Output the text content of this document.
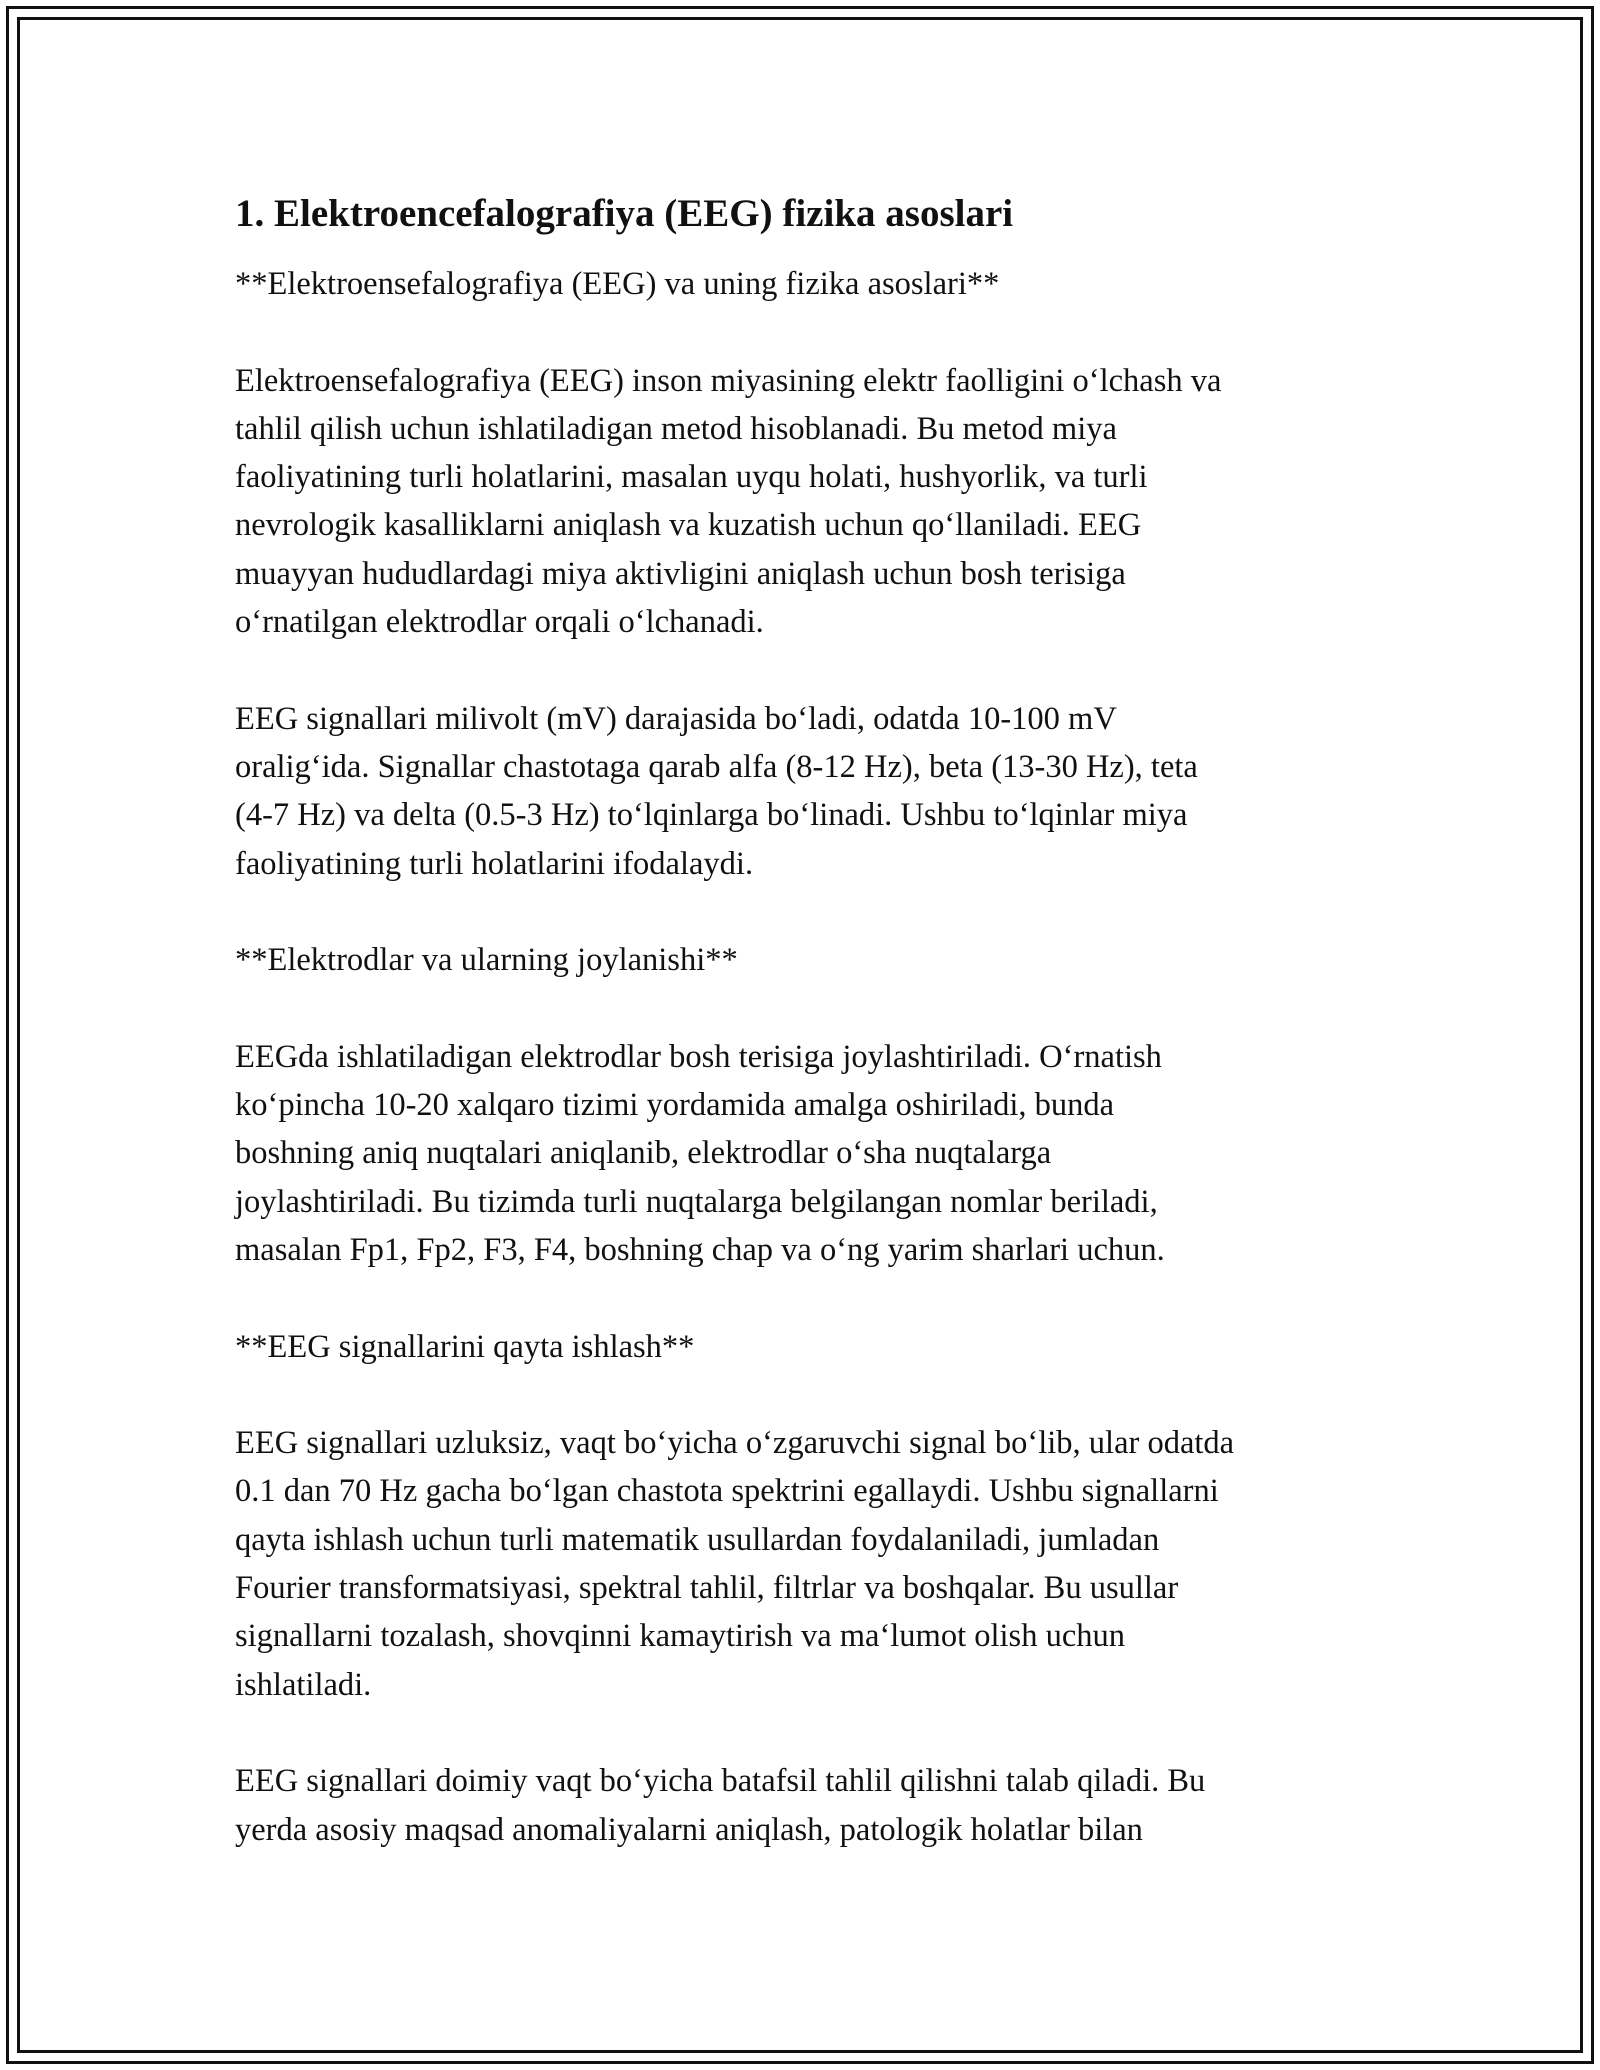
1. Elektroencefalografiya (EEG) fizika asoslari
**Elektroensefalografiya (EEG) va uning fizika asoslari**
Elektroensefalografiya (EEG) inson miyasining elektr faolligini oʻlchash va
tahlil qilish uchun ishlatiladigan metod hisoblanadi. Bu metod miya
faoliyatining turli holatlarini, masalan uyqu holati, hushyorlik, va turli
nevrologik kasalliklarni aniqlash va kuzatish uchun qoʻllaniladi. EEG
muayyan hududlardagi miya aktivligini aniqlash uchun bosh terisiga
oʻrnatilgan elektrodlar orqali oʻlchanadi.
EEG signallari milivolt (mV) darajasida boʻladi, odatda 10-100 mV
oraligʻida. Signallar chastotaga qarab alfa (8-12 Hz), beta (13-30 Hz), teta
(4-7 Hz) va delta (0.5-3 Hz) toʻlqinlarga boʻlinadi. Ushbu toʻlqinlar miya
faoliyatining turli holatlarini ifodalaydi.
**Elektrodlar va ularning joylanishi**
EEGda ishlatiladigan elektrodlar bosh terisiga joylashtiriladi. Oʻrnatish
koʻpincha 10-20 xalqaro tizimi yordamida amalga oshiriladi, bunda
boshning aniq nuqtalari aniqlanib, elektrodlar oʻsha nuqtalarga
joylashtiriladi. Bu tizimda turli nuqtalarga belgilangan nomlar beriladi,
masalan Fp1, Fp2, F3, F4, boshning chap va oʻng yarim sharlari uchun.
**EEG signallarini qayta ishlash**
EEG signallari uzluksiz, vaqt boʻyicha oʻzgaruvchi signal boʻlib, ular odatda
0.1 dan 70 Hz gacha boʻlgan chastota spektrini egallaydi. Ushbu signallarni
qayta ishlash uchun turli matematik usullardan foydalaniladi, jumladan
Fourier transformatsiyasi, spektral tahlil, filtrlar va boshqalar. Bu usullar
signallarni tozalash, shovqinni kamaytirish va maʻlumot olish uchun
ishlatiladi.
EEG signallari doimiy vaqt boʻyicha batafsil tahlil qilishni talab qiladi. Bu
yerda asosiy maqsad anomaliyalarni aniqlash, patologik holatlar bilan
